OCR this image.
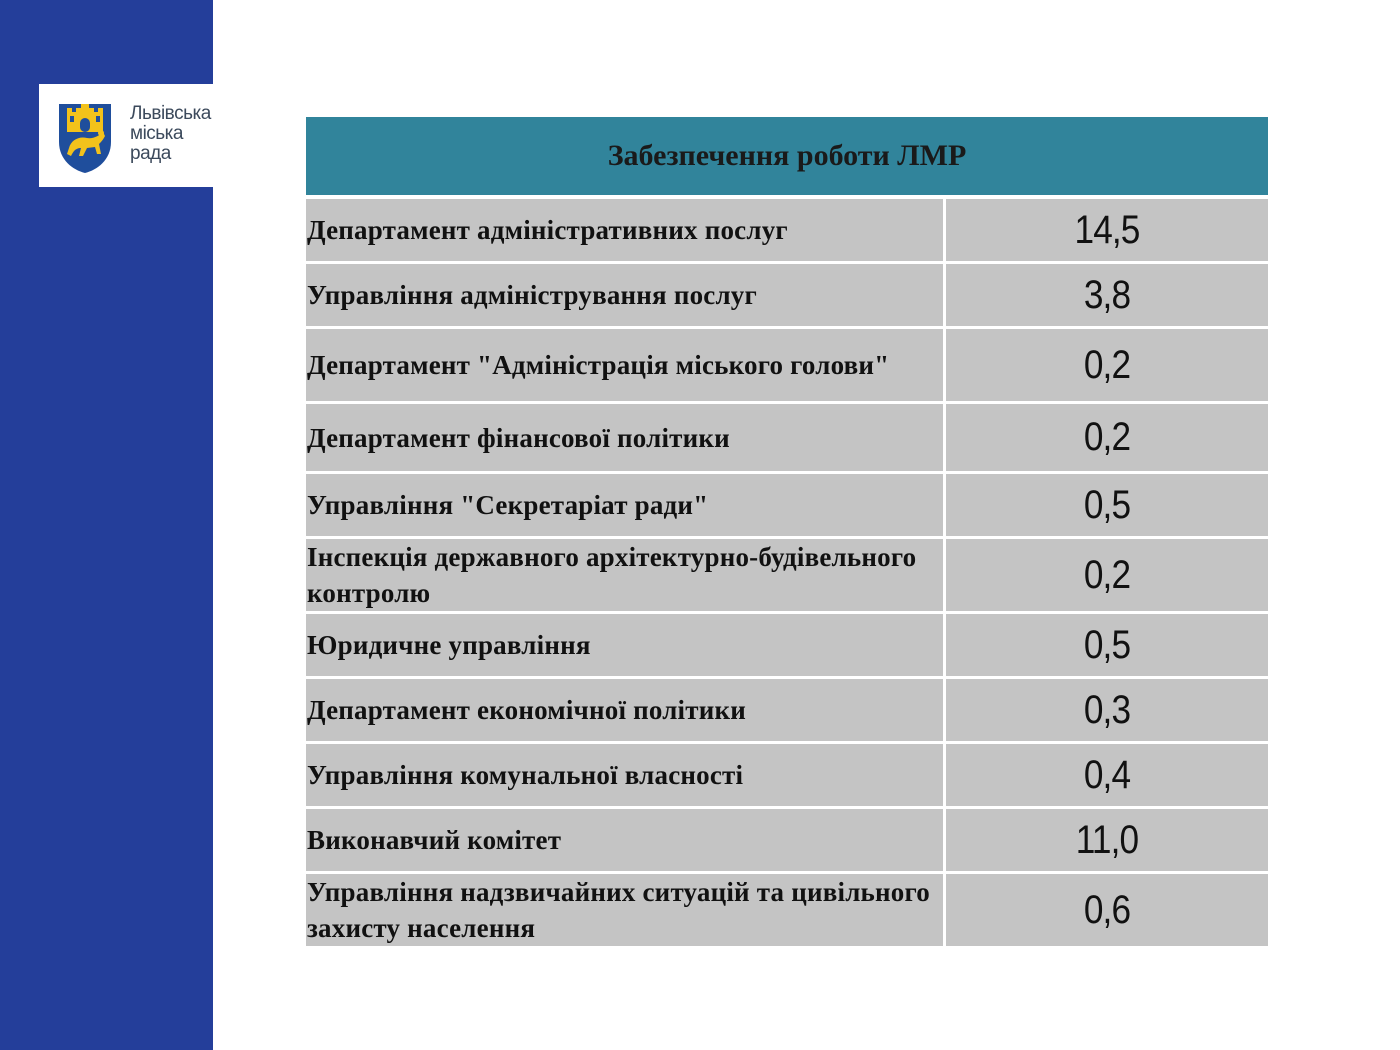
Львівська
міська
рада	Забезпечення роботи ЛМР
Департамент адміністративних послуг	14,5
Управління адміністрування послуг	3,8
Департамент "Адміністрація міського голови"	0,2
Департамент фінансової політики	0,2
Управління "Секретаріат ради"	0,5
Інспекція державного архітектурно-будівельного контролю	0,2
Юридичне управління	0,5
Департамент економічної політики	0,3
Управління комунальної власності	0,4
Виконавчий комітет	11,0
Управління надзвичайних ситуацій та цивільного захисту населення	0,6
